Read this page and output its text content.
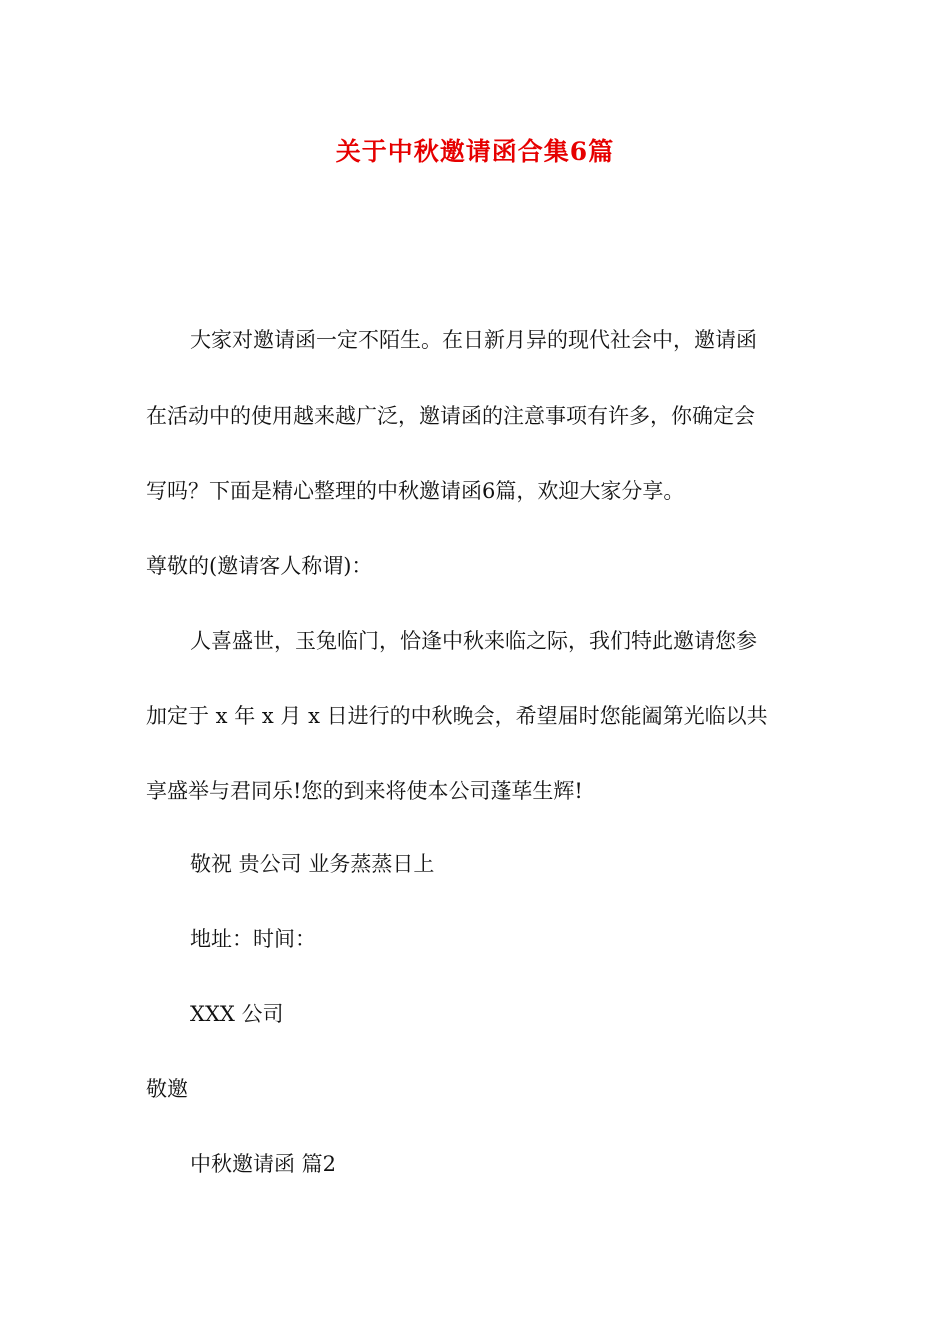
关于中秋邀请函合集6篇
大家对邀请函一定不陌生。在日新月异的现代社会中，邀请函
在活动中的使用越来越广泛，邀请函的注意事项有许多，你确定会
写吗？下面是精心整理的中秋邀请函6篇，欢迎大家分享。
尊敬的(邀请客人称谓)：
人喜盛世，玉兔临门，恰逢中秋来临之际，我们特此邀请您参
加定于 x 年 x 月 x 日进行的中秋晚会，希望届时您能阖第光临以共
享盛举与君同乐!您的到来将使本公司蓬荜生辉!
敬祝 贵公司 业务蒸蒸日上
地址：时间：
XXX 公司
敬邀
中秋邀请函 篇2
